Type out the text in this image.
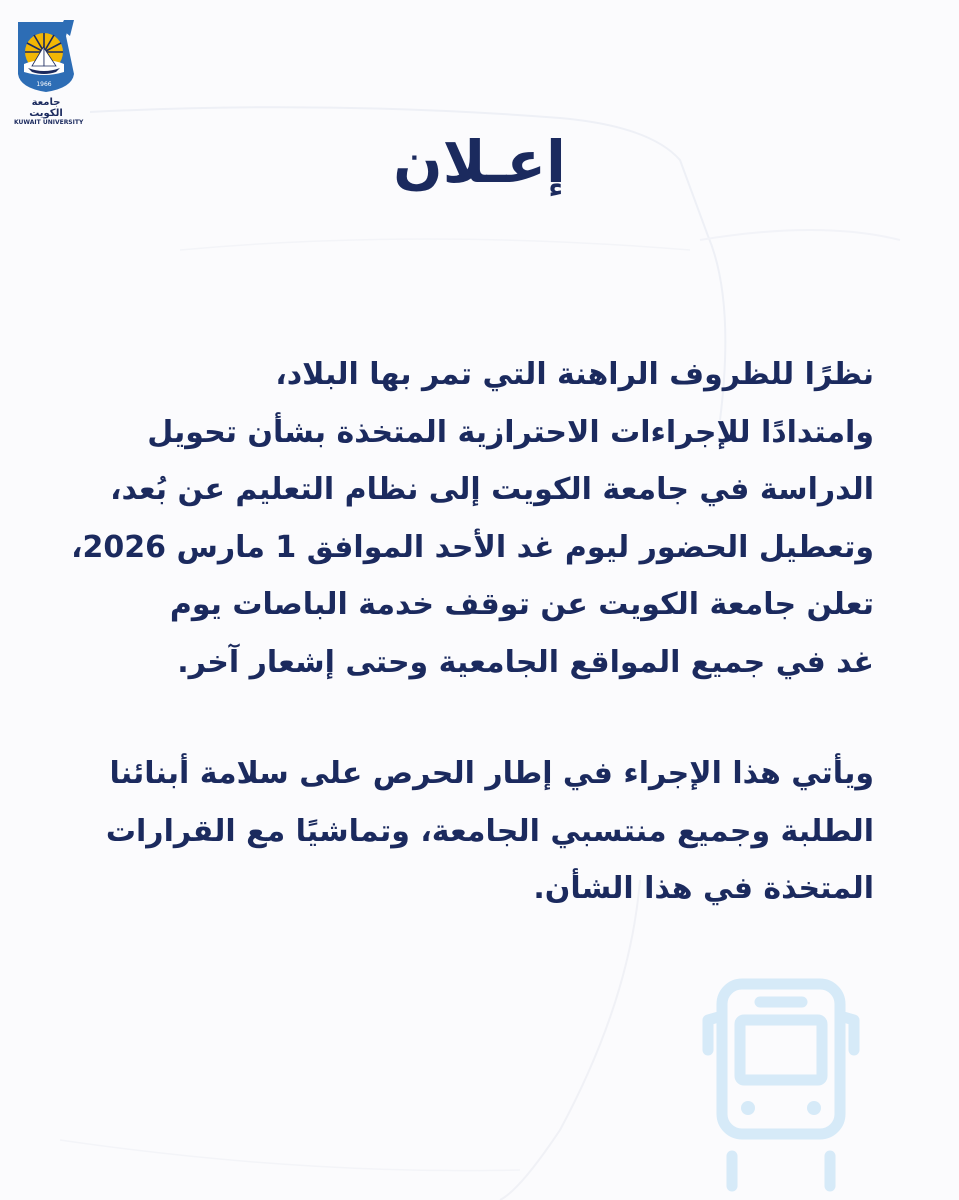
1966
جامعة الكويت
KUWAIT UNIVERSITY
إعـلان

نظرًا للظروف الراهنة التي تمر بها البلاد،
وامتدادًا للإجراءات الاحترازية المتخذة بشأن تحويل
الدراسة في جامعة الكويت إلى نظام التعليم عن بُعد،
وتعطيل الحضور ليوم غد الأحد الموافق 1 مارس 2026،
تعلن جامعة الكويت عن توقف خدمة الباصات يوم
غد في جميع المواقع الجامعية وحتى إشعار آخر.

ويأتي هذا الإجراء في إطار الحرص على سلامة أبنائنا
الطلبة وجميع منتسبي الجامعة، وتماشيًا مع القرارات
المتخذة في هذا الشأن.
